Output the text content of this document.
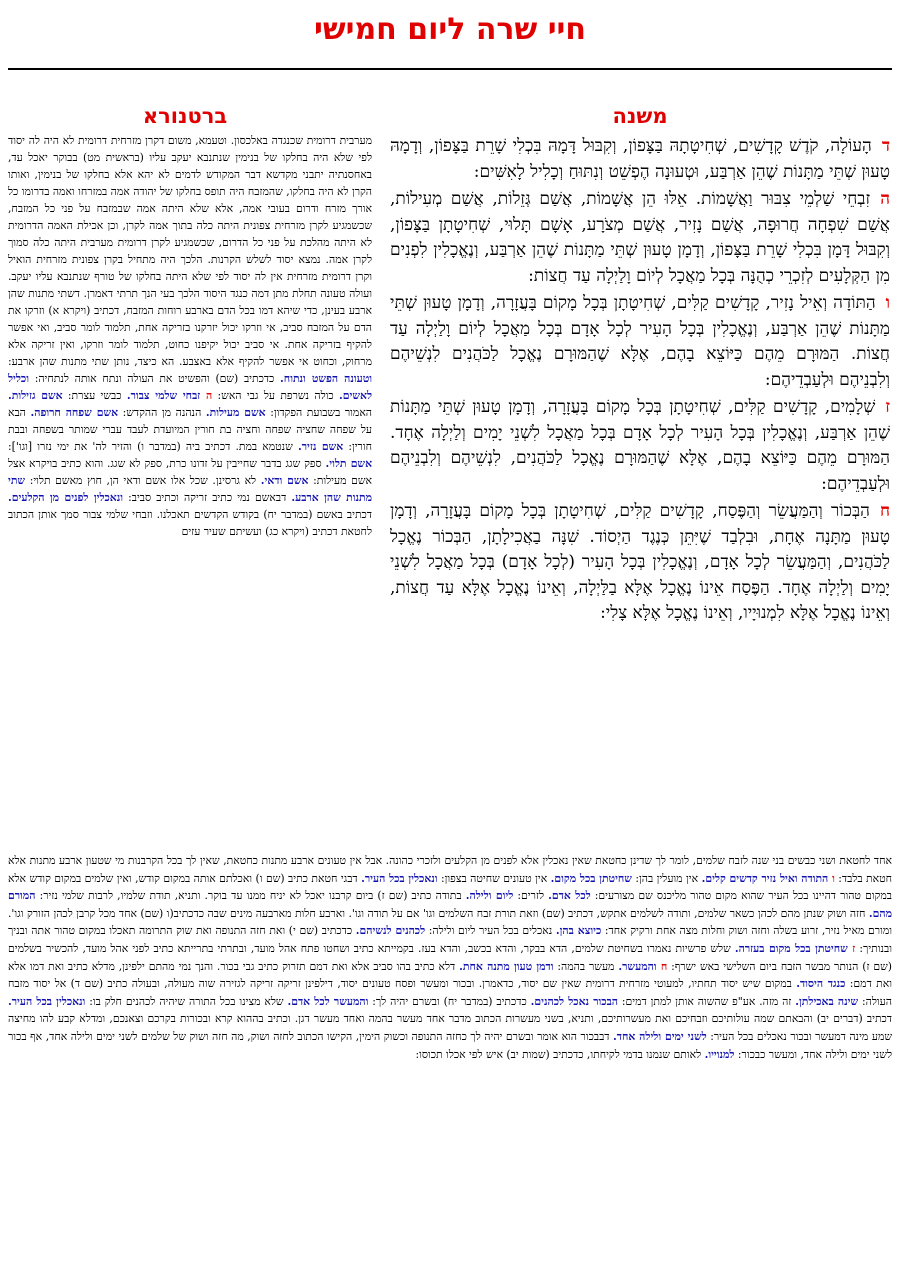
חיי שרה ליום חמישי
משנה
ברטנורא

דהָעוֹלָה, קֹדֶשׁ קָדָשִׁים, שְׁחִיטָתָהּ בַּצָּפוֹן, וְקִבּוּל דָּמָהּ בִּכְלִי שָׁרֵת בַּצָּפוֹן, וְדָמָהּ טָעוּן שְׁתֵּי מַתָּנוֹת שֶׁהֵן אַרְבַּע, וּטְעוּנָה הֶפְשֵׁט וְנִתּוּחַ וְכָלִיל לָאִשִּׁים:

הזִבְחֵי שַׁלְמֵי צִבּוּר וַאֲשָׁמוֹת. אֵלּוּ הֵן אֲשָׁמוֹת, אֲשַׁם גְּזֵלוֹת, אֲשַׁם מְעִילוֹת, אֲשַׁם שִׁפְחָה חֲרוּפָה, אֲשַׁם נָזִיר, אֲשַׁם מְצֹרָע, אָשָׁם תָּלוּי, שְׁחִיטָתָן בַּצָּפוֹן, וְקִבּוּל דָּמָן בִּכְלִי שָׁרֵת בַּצָּפוֹן, וְדָמָן טָעוּן שְׁתֵּי מַתָּנוֹת שֶׁהֵן אַרְבַּע, וְנֶאֱכָלִין לִפְנִים מִן הַקְּלָעִים לְזִכְרֵי כְהֻנָּה בְּכָל מַאֲכָל לְיוֹם וָלַיְלָה עַד חֲצוֹת:

והַתּוֹדָה וְאֵיל נָזִיר, קָדָשִׁים קַלִּים, שְׁחִיטָתָן בְּכָל מָקוֹם בָּעֲזָרָה, וְדָמָן טָעוּן שְׁתֵּי מַתָּנוֹת שֶׁהֵן אַרְבַּע, וְנֶאֱכָלִין בְּכָל הָעִיר לְכָל אָדָם בְּכָל מַאֲכָל לְיוֹם וָלַיְלָה עַד חֲצוֹת. הַמּוּרָם מֵהֶם כַּיּוֹצֵא בָהֶם, אֶלָּא שֶׁהַמּוּרָם נֶאֱכָל לַכֹּהֲנִים לִנְשֵׁיהֶם וְלִבְנֵיהֶם וּלְעַבְדֵיהֶם:

זשְׁלָמִים, קָדָשִׁים קַלִּים, שְׁחִיטָתָן בְּכָל מָקוֹם בָּעֲזָרָה, וְדָמָן טָעוּן שְׁתֵּי מַתָּנוֹת שֶׁהֵן אַרְבַּע, וְנֶאֱכָלִין בְּכָל הָעִיר לְכָל אָדָם בְּכָל מַאֲכָל לִשְׁנֵי יָמִים וְלַיְלָה אֶחָד. הַמּוּרָם מֵהֶם כַּיּוֹצֵא בָהֶם, אֶלָּא שֶׁהַמּוּרָם נֶאֱכָל לַכֹּהֲנִים, לִנְשֵׁיהֶם וְלִבְנֵיהֶם וּלְעַבְדֵיהֶם:

חהַבְּכוֹר וְהַמַּעֲשֵׂר וְהַפֶּסַח, קָדָשִׁים קַלִּים, שְׁחִיטָתָן בְּכָל מָקוֹם בָּעֲזָרָה, וְדָמָן טָעוּן מַתָּנָה אֶחָת, וּבִלְבַד שֶׁיִּתֵּן כְּנֶגֶד הַיְסוֹד. שִׁנָּה בַאֲכִילָתָן, הַבְּכוֹר נֶאֱכָל לַכֹּהֲנִים, וְהַמַּעֲשֵׂר לְכָל אָדָם, וְנֶאֱכָלִין בְּכָל הָעִיר (לְכָל אָדָם) בְּכָל מַאֲכָל לִשְׁנֵי יָמִים וְלַיְלָה אֶחָד. הַפֶּסַח אֵינוֹ נֶאֱכָל אֶלָּא בַלַּיְלָה, וְאֵינוֹ נֶאֱכָל אֶלָּא עַד חֲצוֹת, וְאֵינוֹ נֶאֱכָל אֶלָּא לִמְנוּיָיו, וְאֵינוֹ נֶאֱכָל אֶלָּא צָלִי:

מערבית דרומית שכנגדה באלכסון. וטעמא, משום דקרן מזרחית דרומית לא היה לה יסוד לפי שלא היה בחלקו של בנימין שנתנבא יעקב עליו (בראשית מט) בבוקר יאכל עד, באחסנתיה יתבני מקדשא דבר המקודש לדמים לא יהא אלא בחלקו של בנימין, ואותו הקרן לא היה בחלקו, שהמזבח היה תופס בחלקו של יהודה אמה במזרחו ואמה בדרומו כל אורך מזרח ודרום בעובי אמה, אלא שלא היתה אמה שבמזבח על פני כל המזבח, שכשמגיע לקרן מזרחית צפונית היתה כלה בתוך אמה לקרן, וכן אכילת האמה הדרומית לא היתה מהלכת על פני כל הדרום, שכשמגיע לקרן דרומית מערבית היתה כלה סמוך לקרן אמה. נמצא יסוד לשלש הקרנות. הלכך היה מתחיל בקרן צפונית מזרחית הואיל וקרן דרומית מזרחית אין לה יסוד לפי שלא היתה בחלקו של טורף שנתנבא עליו יעקב. ועולה טעונה תחלת מתן דמה כנגד היסוד הלכך בעי הנך תרתי דאמרן. דשתי מתנות שהן ארבע בעינן, כדי שיהא דמו בכל הדם בארבע רוחות המזבח, דכתיב (ויקרא א) וזרקו את הדם על המזבח סביב, אי וזרקו יכול יזרקנו בזריקה אחת, תלמוד לומר סביב, ואי אפשר להקיף בזריקה אחת. אי סביב יכול יקיפנו כחוט, תלמוד לומר וזרקו, ואין זריקה אלא מרחוק, וכחוט אי אפשר להקיף אלא באצבע. הא כיצד, נותן שתי מתנות שהן ארבע: וטעונה הפשט ונתוח. כדכתיב (שם) והפשיט את העולה ונתח אותה לנתחיה: וכליל לאשים. כולה נשרפת על גבי האש: ה זבחי שלמי צבור. כבשי עצרת: אשם גזילות. האמור בשבועת הפקדון: אשם מעילות. הנהנה מן ההקדש: אשם שפחה חרופה. הבא על שפחה שחציה שפחה וחציה בת חורין המיועדת לעבד עברי שמותר בשפחה ובבת חורין: אשם נזיר. שנטמא במת. דכתיב ביה (במדבר ו) והזיר לה' את ימי נזרו [וגו']: אשם תלוי. ספק שגג בדבר שחייבין על זדונו כרת, ספק לא שגג. והוא כתיב בויקרא אצל אשם מעילות: אשם ודאי. לא גרסינן. שכל אלו אשם ודאי הן, חוץ מאשם תלוי: שתי מתנות שהן ארבע. דבאשם נמי כתיב זריקה וכתיב סביב: ונאכלין לפנים מן הקלעים. דכתיב באשם (במדבר יח) בקודש הקדשים תאכלנו. וזבחי שלמי צבור סמך אותן הכתוב לחטאת דכתיב (ויקרא כג) ועשיתם שעיר עזים
אחד לחטאת ושני כבשים בני שנה לזבח שלמים, לומר לך שדינן כחטאת שאין נאכלין אלא לפנים מן הקלעים ולזכרי כהונה. אבל אין טעונים ארבע מתנות כחטאת, שאין לך בכל הקרבנות מי שטעון ארבע מתנות אלא חטאת בלבד: ו התודה ואיל נזיר קדשים קלים. אין מועלין בהן: שחיטתן בכל מקום. אין טעונים שחיטה בצפון: ונאכלין בכל העיר. דבגי חטאת כתיב (שם ו) ואכלתם אותה במקום קודש, ואין שלמים במקום קודש אלא במקום טהור דהיינו בכל העיר שהוא מקום טהור מליכנס שם מצורעים: לכל אדם. לזרים: ליום ולילה. בתודה כתיב (שם ז) ביום קרבנו יאכל לא יניח ממנו עד בוקר. ותניא, תודת שלמיו, לרבות שלמי נזיר: המורם מהם. חזה ושוק שנתן מהם לכהן כשאר שלמים, ותודה לשלמים אתקש, דכתיב (שם) וזאת תורת זבח השלמים וגו' אם על תודה וגו'. וארבע חלות מארבעה מינים שבה כדכתיב(ו (שם) אחד מכל קרבן לכהן הזורק וגו'. ומורם מאיל נזיר, זרוע בשלה וחזה ושוק וחלות מצה אחת ורקיק אחד: כיוצא בהן. נאכלים בכל העיר ליום ולילה: לכהנים לנשיהם. כדכתיב (שם י) ואת חזה התנופה ואת שוק התרומה תאכלו במקום טהור אתה ובניך ובנותיך: ז שחיטתן בכל מקום בעזרה. שלש פרשיות נאמרו בשחיטת שלמים, הדא בבקר, והדא בכשב, והדא בעז. בקמייתא כתיב ושחטו פתח אהל מועד, ובתרתי בתרייתא כתיב לפני אהל מועד, להכשיר בשלמים (שם ז) הנותר מבשר הזבח ביום השלישי באש ישרף: ח והמעשר. מעשר בהמה: ודמן טעון מתנה אחת. דלא כתיב בהו סביב אלא ואת דמם תזרוק כתיב גבי בכור. והנך נמי מהתם ילפינן, מדלא כתיב ואת דמו אלא ואת דמם: כנגד היסוד. במקום שיש יסוד תחתיו, למעוטי מזרחית דרומית שאין שם יסוד, כדאמרן. ובכור ומעשר ופסח טעונים יסוד, דילפינן זריקה זריקה לגזירה שוה מעולה, ובעולה כתיב (שם ד) אל יסוד מזבח העולה: שינה באכילתן. זה מזה. אע"פ שהשוה אותן למתן דמים: הבכור נאכל לכהנים. כדכתיב (במדבר יח) ובשרם יהיה לך: והמעשר לכל אדם. שלא מצינו בכל התורה שיהיה לכהנים חלק בו: ונאכלין בכל העיר. דכתיב (דברים יב) והבאתם שמה עולותיכם וזבחיכם ואת מעשרותיכם, ותניא, בשני מעשרות הכתוב מדבר אחד מעשר בהמה ואחד מעשר דגן. וכתיב בההוא קרא ובכורות בקרכם וצאנכם, ומדלא קבע להו מחיצה שמע מינה דמעשר ובכור נאכלים בכל העיר: לשני ימים ולילה אחד. דבבכור הוא אומר ובשרם יהיה לך כחזה התנופה וכשוק הימין, הקישו הכתוב לחזה ושוק, מה חזה ושוק של שלמים לשני ימים ולילה אחד, אף בכור לשני ימים ולילה אחד, ומעשר כבכור: למנוייו. לאותם שנמנו בדמי לקיחתו, כדכתיב (שמות יב) איש לפי אכלו תכוסו:
